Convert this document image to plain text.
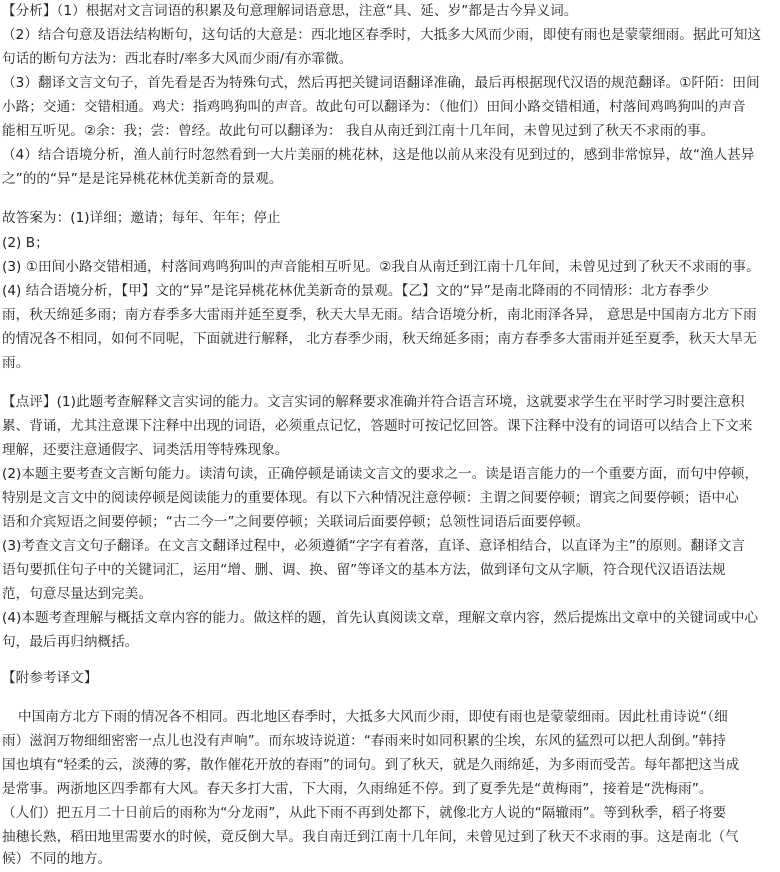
【分析】（1）根据对文言词语的积累及句意理解词语意思，注意“具、延、岁”都是古今异义词。
（2）结合句意及语法结构断句，这句话的大意是：西北地区春季时，大抵多大风而少雨，即使有雨也是蒙蒙细雨。据此可知这
句话的断句方法为：西北春时/率多大风而少雨/有亦霏微。
（3）翻译文言文句子，首先看是否为特殊句式，然后再把关键词语翻译准确，最后再根据现代汉语的规范翻译。①阡陌：田间
小路；交通：交错相通。鸡犬：指鸡鸣狗叫的声音。故此句可以翻译为：（他们）田间小路交错相通，村落间鸡鸣狗叫的声音
能相互听见。②余：我；尝：曾经。故此句可以翻译为： 我自从南迁到江南十几年间，未曾见过到了秋天不求雨的事。
（4）结合语境分析，渔人前行时忽然看到一大片美丽的桃花林，这是他以前从来没有见到过的，感到非常惊异，故“渔人甚异
之”的的“异”是是诧异桃花林优美新奇的景观。
故答案为：(1)详细；邀请；每年、年年；停止
(2) B；
(3) ①田间小路交错相通，村落间鸡鸣狗叫的声音能相互听见。②我自从南迁到江南十几年间，未曾见过到了秋天不求雨的事。
(4) 结合语境分析，【甲】文的“异”是诧异桃花林优美新奇的景观。【乙】文的“异”是南北降雨的不同情形：北方春季少
雨，秋天绵延多雨；南方春季多大雷雨并延至夏季，秋天大旱无雨。结合语境分析，南北雨泽各异， 意思是中国南方北方下雨
的情况各不相同，如何不同呢，下面就进行解释， 北方春季少雨，秋天绵延多雨；南方春季多大雷雨并延至夏季，秋天大旱无
雨。
【点评】(1)此题考查解释文言实词的能力。文言实词的解释要求准确并符合语言环境，这就要求学生在平时学习时要注意积
累、背诵，尤其注意课下注释中出现的词语，必须重点记忆，答题时可按记忆回答。课下注释中没有的词语可以结合上下文来
理解，还要注意通假字、词类活用等特殊现象。
(2)本题主要考查文言断句能力。读清句读，正确停顿是诵读文言文的要求之一。读是语言能力的一个重要方面，而句中停顿，
特别是文言文中的阅读停顿是阅读能力的重要体现。有以下六种情况注意停顿：主谓之间要停顿；谓宾之间要停顿；语中心
语和介宾短语之间要停顿；“古二今一”之间要停顿；关联词后面要停顿；总领性词语后面要停顿。
(3)考查文言文句子翻译。在文言文翻译过程中，必须遵循“字字有着落，直译、意译相结合，以直译为主”的原则。翻译文言
语句要抓住句子中的关键词汇，运用“增、删、调、换、留”等译文的基本方法，做到译句文从字顺，符合现代汉语语法规
范，句意尽量达到完美。
(4)本题考查理解与概括文章内容的能力。做这样的题，首先认真阅读文章，理解文章内容，然后提炼出文章中的关键词或中心
句，最后再归纳概括。
【附参考译文】
中国南方北方下雨的情况各不相同。西北地区春季时，大抵多大风而少雨，即使有雨也是蒙蒙细雨。因此杜甫诗说“（细
雨）滋润万物细细密密一点儿也没有声响”。而东坡诗说道：“春雨来时如同积累的尘埃，东风的猛烈可以把人刮倒。”韩持
国也填有“轻柔的云，淡薄的雾，散作催花开放的春雨”的词句。到了秋天，就是久雨绵延，为多雨而受苦。每年都把这当成
是常事。两浙地区四季都有大风。春天多打大雷，下大雨，久雨绵延不停。到了夏季先是“黄梅雨”，接着是“洗梅雨”。
（人们）把五月二十日前后的雨称为“分龙雨”，从此下雨不再到处都下，就像北方人说的“隔辙雨”。等到秋季，稻子将要
抽穗长熟，稻田地里需要水的时候，竟反倒大旱。我自南迁到江南十几年间，未曾见过到了秋天不求雨的事。这是南北（气
候）不同的地方。
